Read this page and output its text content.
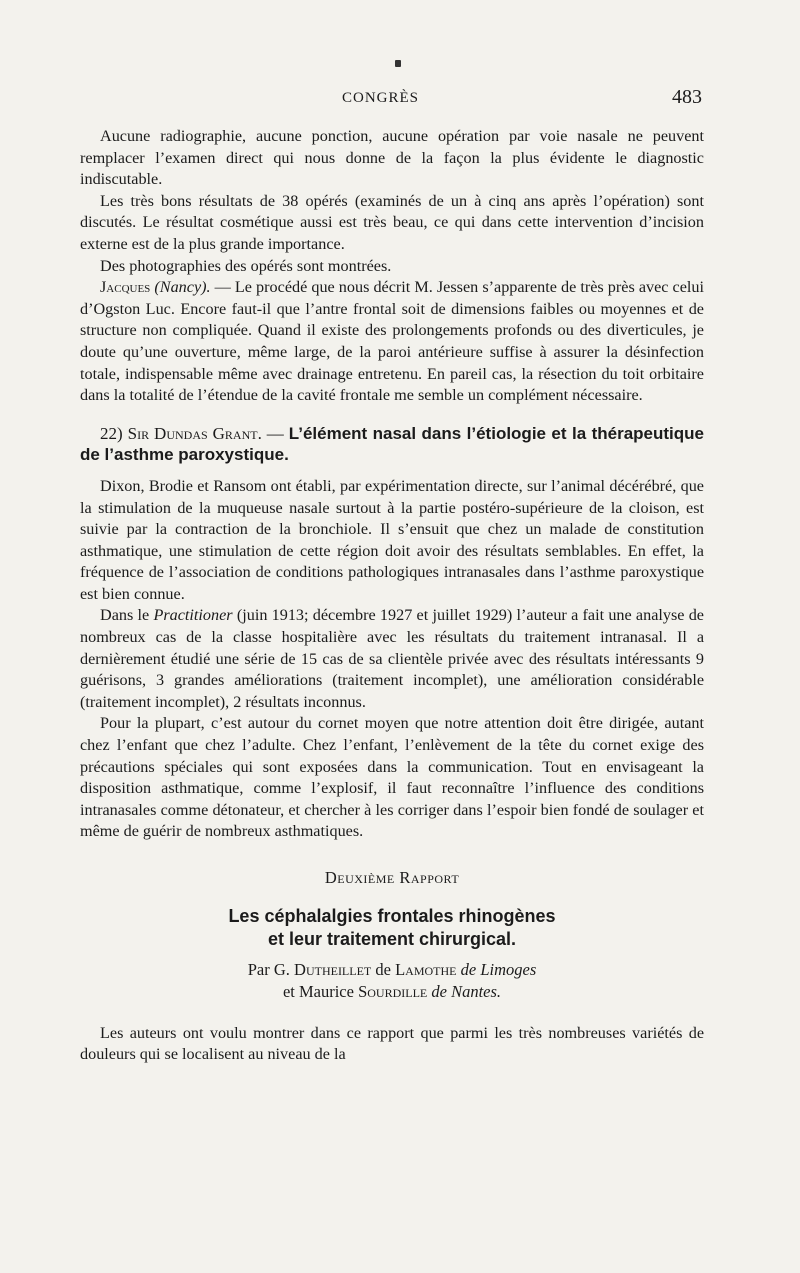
CONGRÈS	483

Aucune radiographie, aucune ponction, aucune opération par voie nasale ne peuvent remplacer l’examen direct qui nous donne de la façon la plus évidente le diagnostic indiscutable.

Les très bons résultats de 38 opérés (examinés de un à cinq ans après l’opération) sont discutés. Le résultat cosmétique aussi est très beau, ce qui dans cette intervention d’incision externe est de la plus grande importance.

Des photographies des opérés sont montrées.

Jacques (Nancy). — Le procédé que nous décrit M. Jessen s’apparente de très près avec celui d’Ogston Luc. Encore faut-il que l’antre frontal soit de dimensions faibles ou moyennes et de structure non compliquée. Quand il existe des prolongements profonds ou des diverticules, je doute qu’une ouverture, même large, de la paroi antérieure suffise à assurer la désinfection totale, indispensable même avec drainage entretenu. En pareil cas, la résection du toit orbitaire dans la totalité de l’étendue de la cavité frontale me semble un complément nécessaire.

22) Sir Dundas Grant. — L’élément nasal dans l’étiologie et la thérapeutique de l’asthme paroxystique.

Dixon, Brodie et Ransom ont établi, par expérimentation directe, sur l’animal décérébré, que la stimulation de la muqueuse nasale surtout à la partie postéro-supérieure de la cloison, est suivie par la contraction de la bronchiole. Il s’ensuit que chez un malade de constitution asthmatique, une stimulation de cette région doit avoir des résultats semblables. En effet, la fréquence de l’association de conditions pathologiques intranasales dans l’asthme paroxystique est bien connue.

Dans le Practitioner (juin 1913; décembre 1927 et juillet 1929) l’auteur a fait une analyse de nombreux cas de la classe hospitalière avec les résultats du traitement intranasal. Il a dernièrement étudié une série de 15 cas de sa clientèle privée avec des résultats intéressants 9 guérisons, 3 grandes améliorations (traitement incomplet), une amélioration considérable (traitement incomplet), 2 résultats inconnus.

Pour la plupart, c’est autour du cornet moyen que notre attention doit être dirigée, autant chez l’enfant que chez l’adulte. Chez l’enfant, l’enlèvement de la tête du cornet exige des précautions spéciales qui sont exposées dans la communication. Tout en envisageant la disposition asthmatique, comme l’explosif, il faut reconnaître l’influence des conditions intranasales comme détonateur, et chercher à les corriger dans l’espoir bien fondé de soulager et même de guérir de nombreux asthmatiques.

Deuxième Rapport

Les céphalalgies frontales rhinogènes
et leur traitement chirurgical.

Par G. Dutheillet de Lamothe de Limoges
et Maurice Sourdille de Nantes.

Les auteurs ont voulu montrer dans ce rapport que parmi les très nombreuses variétés de douleurs qui se localisent au niveau de la
